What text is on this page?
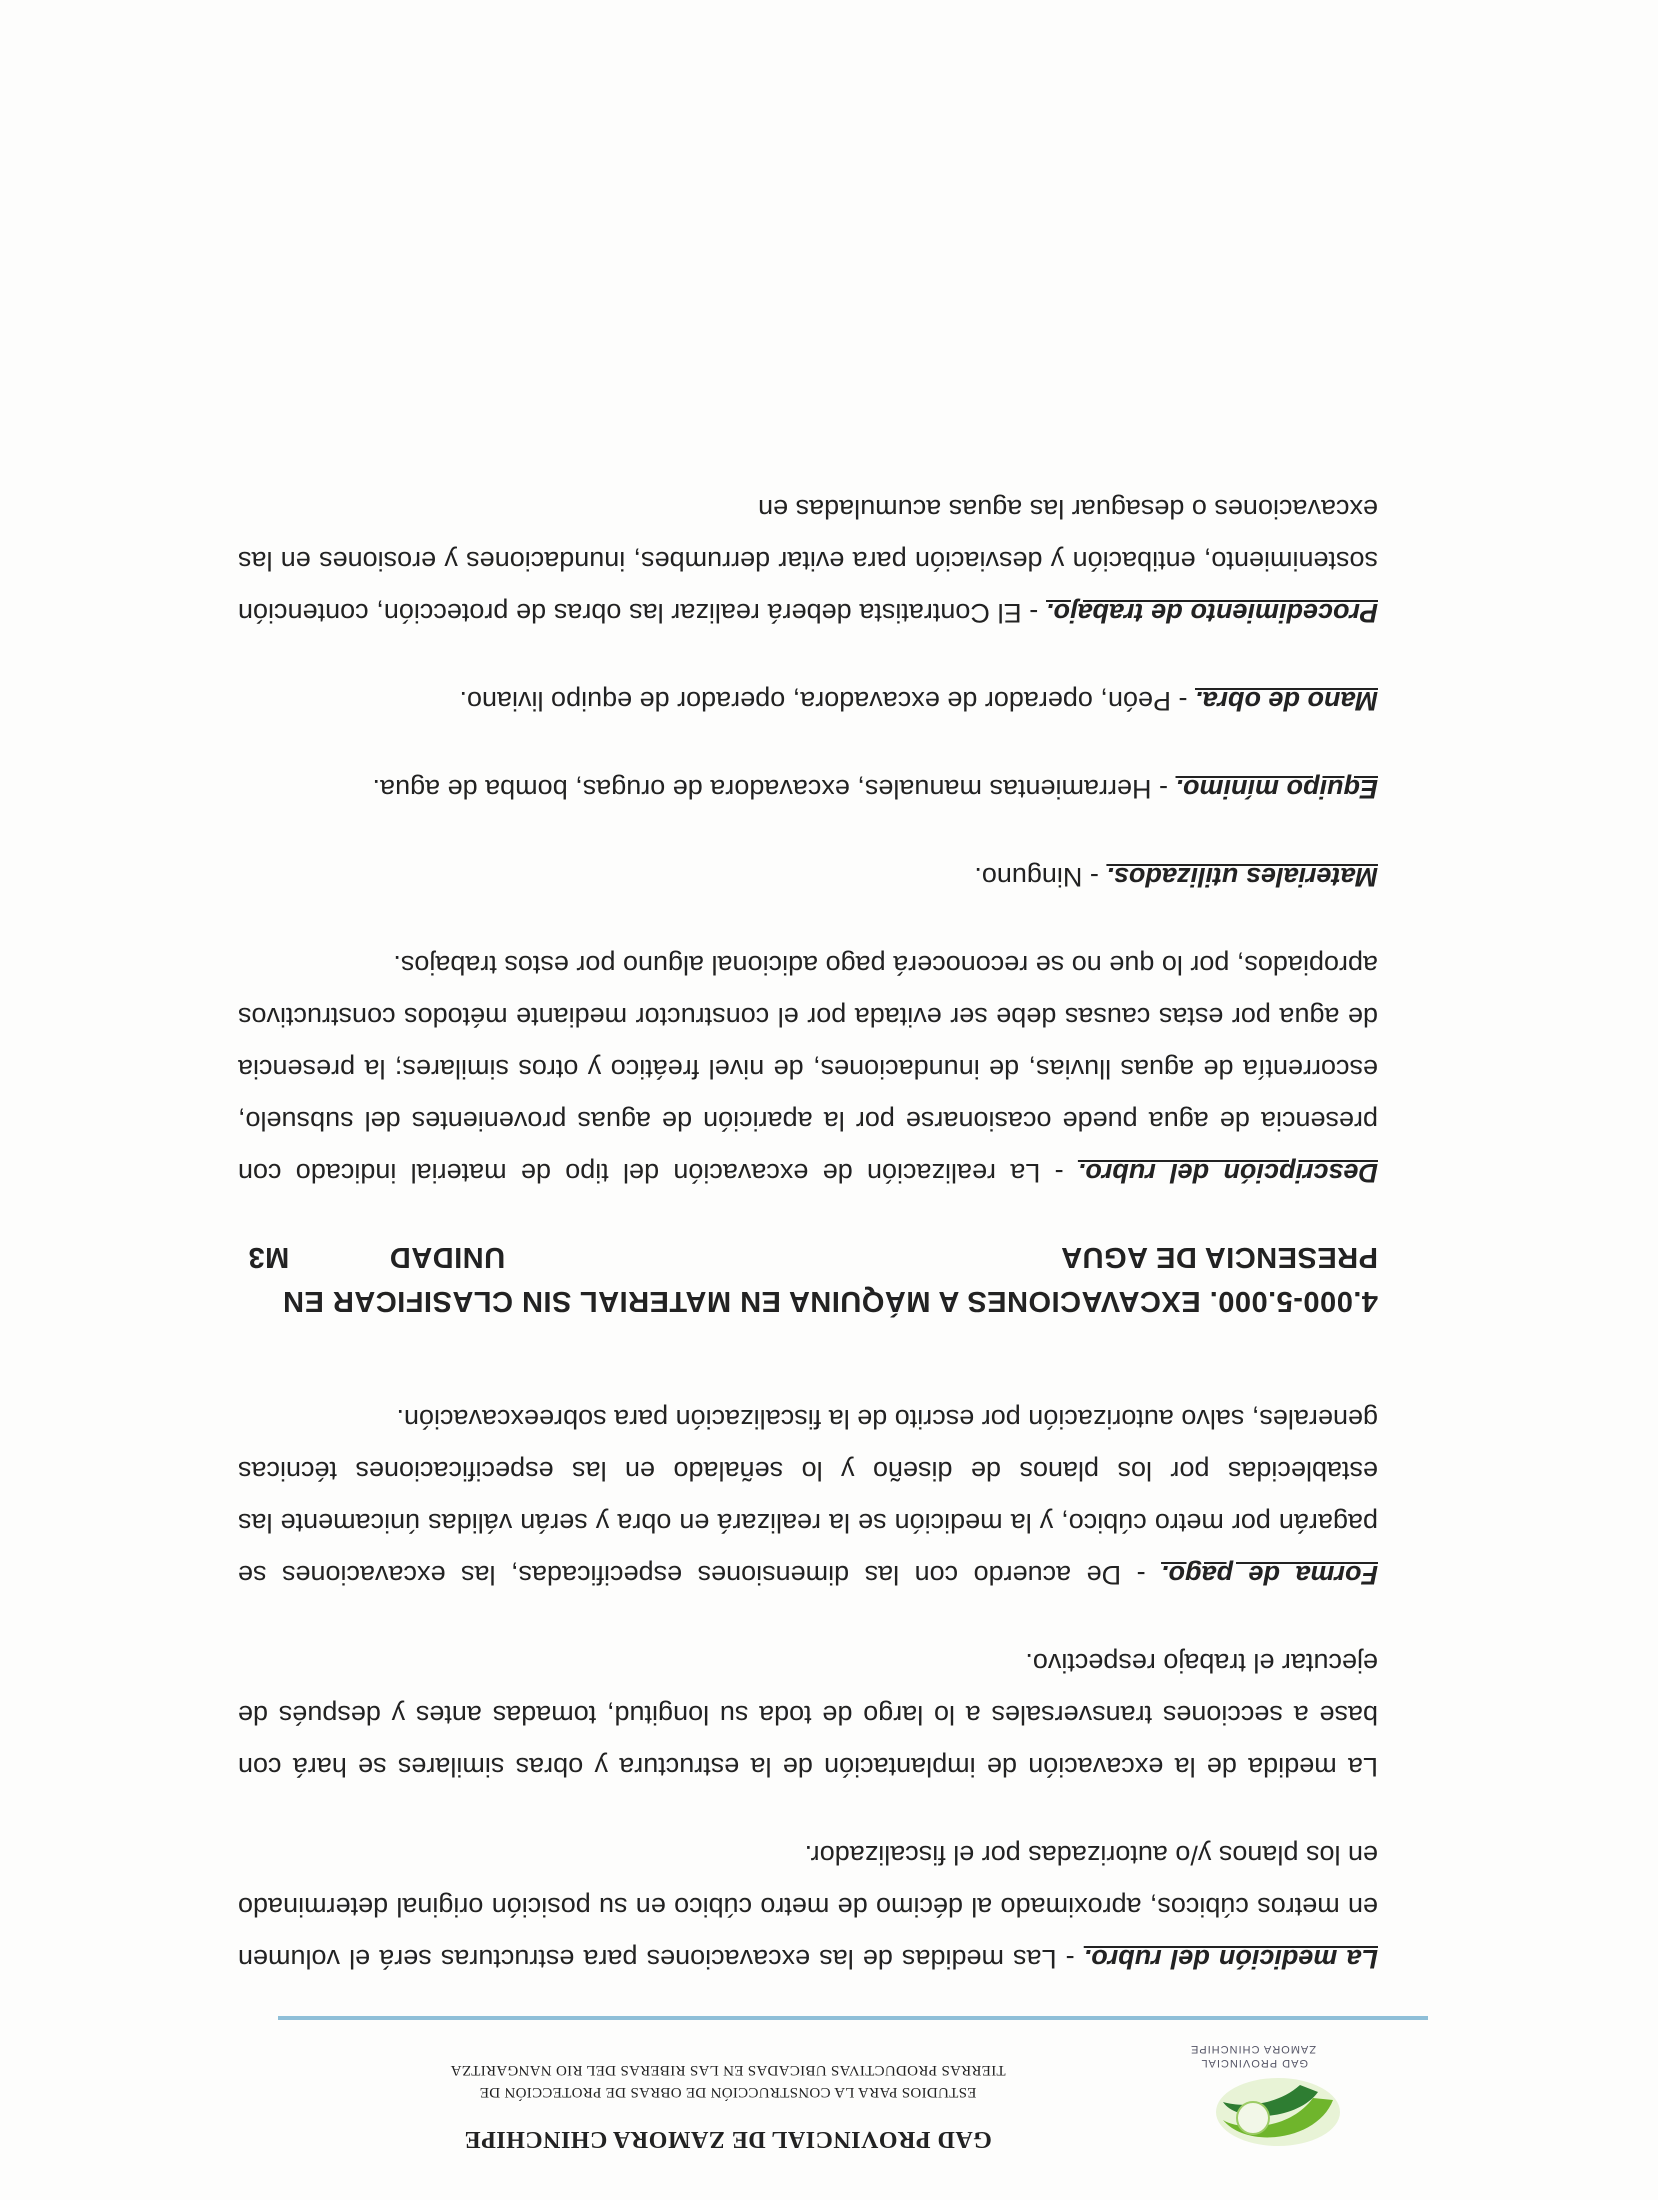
GAD PROVINCIAL
ZAMORA CHINCHIPE
GAD PROVINCIAL DE ZAMORA CHINCHIPE
ESTUDIOS PARA LA CONSTRUCCIÓN DE OBRAS DE PROTECCIÓN DE
TIERRAS PRODUCTIVAS UBICADAS EN LAS RIBERAS DEL RIO NANGARITZA

La medición del rubro. - Las medidas de las excavaciones para estructuras será el volumen en metros cúbicos, aproximado al décimo de metro cúbico en su posición original determinado en los planos y/o autorizadas por el fiscalizador.

La medida de la excavación de implantación de la estructura y obras similares se hará con base a secciones transversales a lo largo de toda su longitud, tomadas antes y después de ejecutar el trabajo respectivo.

Forma de pago. - De acuerdo con las dimensiones especificadas, las excavaciones se pagarán por metro cúbico, y la medición se la realizará en obra y serán válidas únicamente las establecidas por los planos de diseño y lo señalado en las especificaciones técnicas generales, salvo autorización por escrito de la fiscalización para sobreexcavación.

4.000-5.000. EXCAVACIONES A MÁQUINA EN MATERIAL SIN CLASIFICAR EN
PRESENCIA DE AGUA
UNIDAD
M3

Descripción del rubro. - La realización de excavación del tipo de material indicado con presencia de agua puede ocasionarse por la aparición de aguas provenientes del subsuelo, escorrentía de aguas lluvias, de inundaciones, de nivel freático y otros similares; la presencia de agua por estas causas debe ser evitada por el constructor mediante métodos constructivos apropiados, por lo que no se reconocerá pago adicional alguno por estos trabajos.

Materiales utilizados. - Ninguno.

Equipo mínimo. - Herramientas manuales, excavadora de orugas, bomba de agua.

Mano de obra. - Peón, operador de excavadora, operador de equipo liviano.

Procedimiento de trabajo. - El Contratista deberá realizar las obras de protección, contención sostenimiento, entibación y desviación para evitar derrumbes, inundaciones y erosiones en las excavaciones o desaguar las aguas acumuladas en
